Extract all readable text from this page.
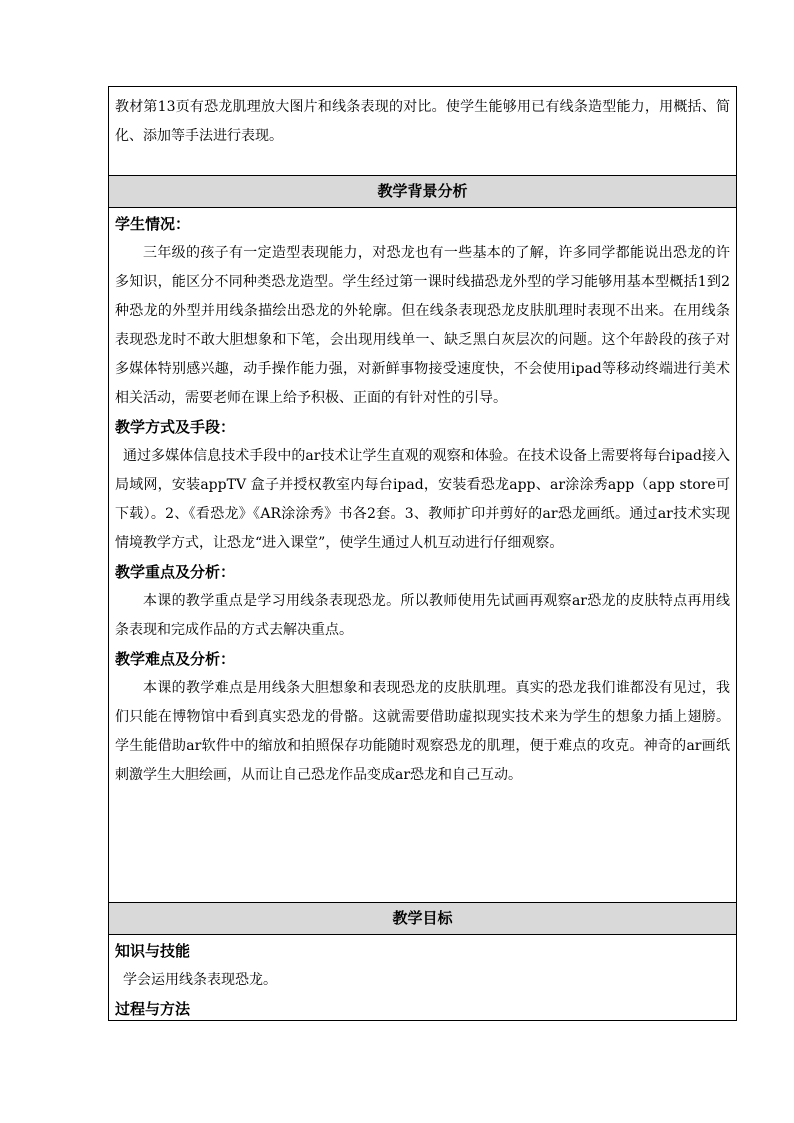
教材第13页有恐龙肌理放大图片和线条表现的对比。使学生能够用已有线条造型能力，用概括、简化、添加等手法进行表现。

教学背景分析

学生情况：

三年级的孩子有一定造型表现能力，对恐龙也有一些基本的了解，许多同学都能说出恐龙的许多知识，能区分不同种类恐龙造型。学生经过第一课时线描恐龙外型的学习能够用基本型概括1到2种恐龙的外型并用线条描绘出恐龙的外轮廓。但在线条表现恐龙皮肤肌理时表现不出来。在用线条表现恐龙时不敢大胆想象和下笔，会出现用线单一、缺乏黑白灰层次的问题。这个年龄段的孩子对多媒体特别感兴趣，动手操作能力强，对新鲜事物接受速度快，不会使用ipad等移动终端进行美术相关活动，需要老师在课上给予积极、正面的有针对性的引导。

教学方式及手段：

通过多媒体信息技术手段中的ar技术让学生直观的观察和体验。在技术设备上需要将每台ipad接入局域网，安装appTV 盒子并授权教室内每台ipad，安装看恐龙app、ar涂涂秀app（app store可下载）。2、《看恐龙》《AR涂涂秀》书各2套。3、教师扩印并剪好的ar恐龙画纸。通过ar技术实现情境教学方式，让恐龙“进入课堂”，使学生通过人机互动进行仔细观察。

教学重点及分析：

本课的教学重点是学习用线条表现恐龙。所以教师使用先试画再观察ar恐龙的皮肤特点再用线条表现和完成作品的方式去解决重点。

教学难点及分析：

本课的教学难点是用线条大胆想象和表现恐龙的皮肤肌理。真实的恐龙我们谁都没有见过，我们只能在博物馆中看到真实恐龙的骨骼。这就需要借助虚拟现实技术来为学生的想象力插上翅膀。学生能借助ar软件中的缩放和拍照保存功能随时观察恐龙的肌理，便于难点的攻克。神奇的ar画纸刺激学生大胆绘画，从而让自己恐龙作品变成ar恐龙和自己互动。

教学目标

知识与技能

学会运用线条表现恐龙。

过程与方法
